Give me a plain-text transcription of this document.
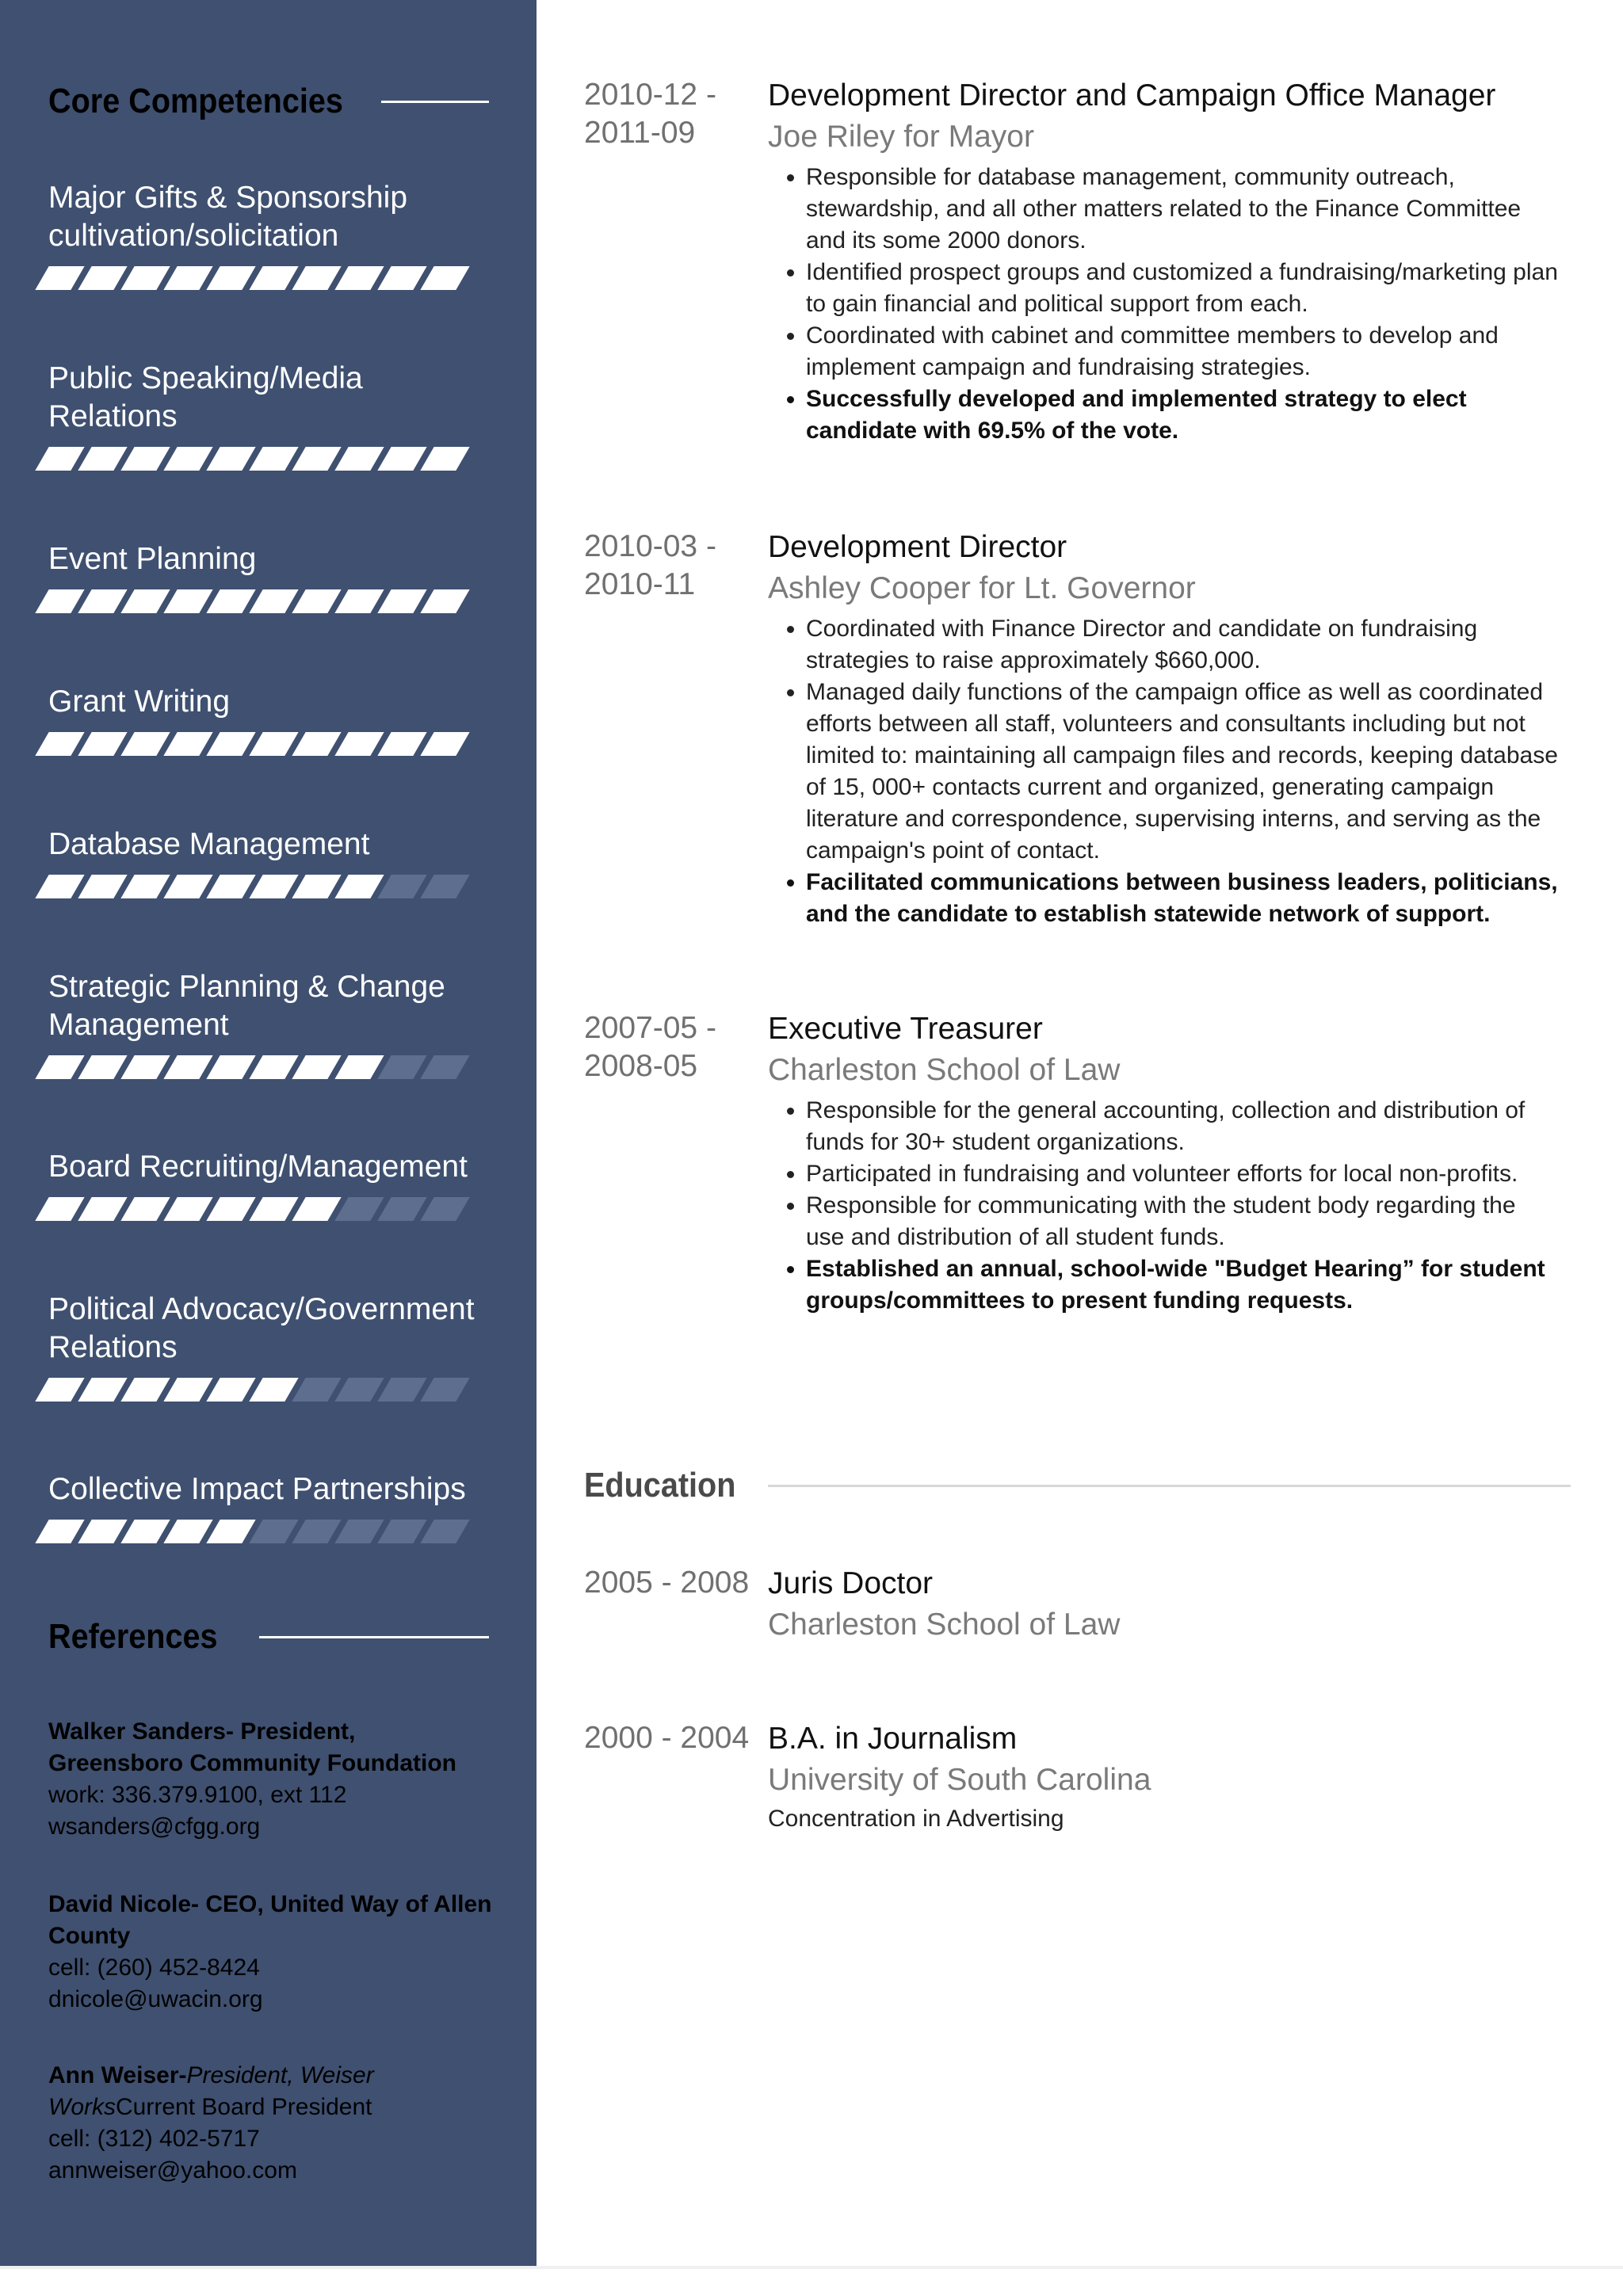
Core Competencies
Major Gifts & Sponsorship cultivation/solicitation
Public Speaking/Media Relations
Event Planning
Grant Writing
Database Management
Strategic Planning & Change Management
Board Recruiting/Management
Political Advocacy/Government Relations
Collective Impact Partnerships
References
Walker Sanders- President, Greensboro Community Foundation
work: 336.379.9100, ext 112
wsanders@cfgg.org
David Nicole- CEO, United Way of Allen County
cell: (260) 452-8424
dnicole@uwacin.org
Ann Weiser-President, Weiser WorksCurrent Board President
cell: (312) 402-5717
annweiser@yahoo.com
2010-12 - 2011-09
Development Director and Campaign Office Manager
Joe Riley for Mayor
• Responsible for database management, community outreach, stewardship, and all other matters related to the Finance Committee and its some 2000 donors.
• Identified prospect groups and customized a fundraising/marketing plan to gain financial and political support from each.
• Coordinated with cabinet and committee members to develop and implement campaign and fundraising strategies.
• Successfully developed and implemented strategy to elect candidate with 69.5% of the vote.
2010-03 - 2010-11
Development Director
Ashley Cooper for Lt. Governor
• Coordinated with Finance Director and candidate on fundraising strategies to raise approximately $660,000.
• Managed daily functions of the campaign office as well as coordinated efforts between all staff, volunteers and consultants including but not limited to: maintaining all campaign files and records, keeping database of 15, 000+ contacts current and organized, generating campaign literature and correspondence, supervising interns, and serving as the campaign's point of contact.
• Facilitated communications between business leaders, politicians, and the candidate to establish statewide network of support.
2007-05 - 2008-05
Executive Treasurer
Charleston School of Law
• Responsible for the general accounting, collection and distribution of funds for 30+ student organizations.
• Participated in fundraising and volunteer efforts for local non-profits.
• Responsible for communicating with the student body regarding the use and distribution of all student funds.
• Established an annual, school-wide "Budget Hearing” for student groups/committees to present funding requests.
Education
2005 - 2008 Juris Doctor
Charleston School of Law
2000 - 2004 B.A. in Journalism
University of South Carolina
Concentration in Advertising
